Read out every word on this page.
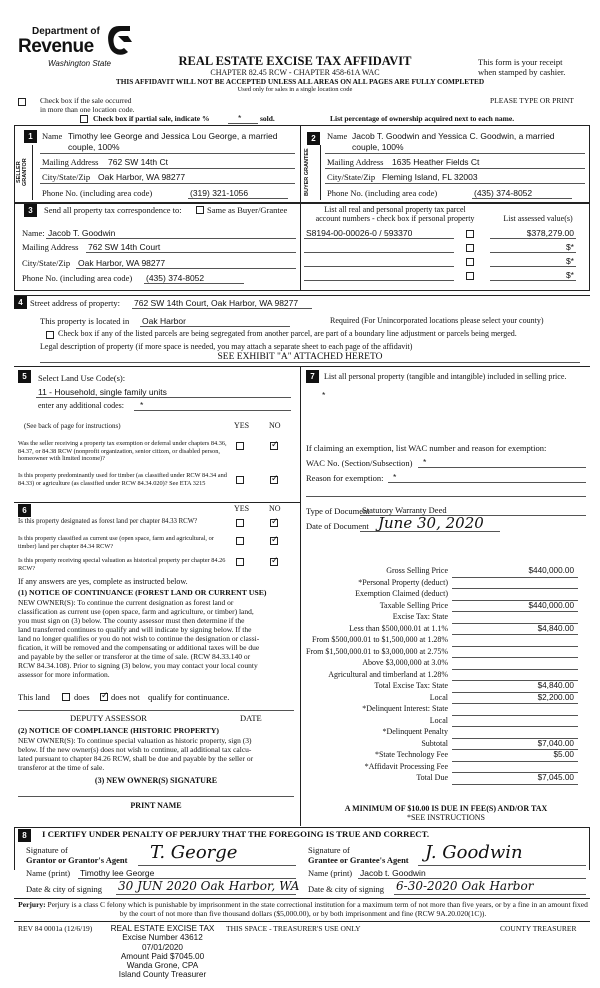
Department of
Revenue
Washington State	REAL ESTATE EXCISE TAX AFFIDAVIT
CHAPTER 82.45 RCW - CHAPTER 458-61A WAC
THIS AFFIDAVIT WILL NOT BE ACCEPTED UNLESS ALL AREAS ON ALL PAGES ARE FULLY COMPLETED
Used only for sales in a single location code
This form is your receipt
when stamped by cashier.
Check box if the sale occurred
in more than one location code.
PLEASE TYPE OR PRINT
Check box if partial sale, indicate %	* sold.	List percentage of ownership acquired next to each name.
1
SELLER GRANTOR
Name Timothy lee George and Jessica Lou George, a married
couple, 100%
Mailing Address 762 SW 14th Ct
City/State/Zip Oak Harbor, WA 98277
Phone No. (including area code)	(319) 321-1056
2
BUYER GRANTEE
Name Jacob T. Goodwin and Yessica C. Goodwin, a married
couple, 100%
Mailing Address 1635 Heather Fields Ct
City/State/Zip Fleming Island, FL 32003
Phone No. (including area code)	(435) 374-8052
3	Send all property tax correspondence to:	Same as Buyer/Grantee
Name: Jacob T. Goodwin
Mailing Address 762 SW 14th Court
City/State/Zip Oak Harbor, WA 98277
Phone No. (including area code) (435) 374-8052
List all real and personal property tax parcel
account numbers - check box if personal property	List assessed value(s)
S8194-00-00026-0 / 593370	$378,279.00
$*
$*
$*
4 Street address of property: 762 SW 14th Court, Oak Harbor, WA 98277
This property is located in Oak Harbor	Required (For Unincorporated locations please select your county)
Check box if any of the listed parcels are being segregated from another parcel, are part of a boundary line adjustment or parcels being merged.
Legal description of property (if more space is needed, you may attach a separate sheet to each page of the affidavit)
SEE EXHIBIT "A" ATTACHED HERETO
5	Select Land Use Code(s):
11 - Household, single family units
enter any additional codes: *
(See back of page for instructions)	YES NO
Was the seller receiving a property tax exemption or deferral under chapters 84.36, 84.37, or 84.38 RCW (nonprofit organization, senior citizen, or disabled person, homeowner with limited income)?
✓
Is this property predominantly used for timber (as classified under RCW 84.34 and 84.33) or agriculture (as classified under RCW 84.34.020)? See ETA 3215
✓
7	List all personal property (tangible and intangible) included in selling price.
*
If claiming an exemption, list WAC number and reason for exemption:
WAC No. (Section/Subsection) *
Reason for exemption: *
6	YES NO
Is this property designated as forest land per chapter 84.33 RCW?
✓
Is this property classified as current use (open space, farm and agricultural, or timber) land per chapter 84.34 RCW?
✓
Is this property receiving special valuation as historical property per chapter 84.26 RCW?
✓
If any answers are yes, complete as instructed below.
(1) NOTICE OF CONTINUANCE (FOREST LAND OR CURRENT USE)
NEW OWNER(S): To continue the current designation as forest land or
classification as current use (open space, farm and agriculture, or timber) land,
you must sign on (3) below. The county assessor must then determine if the
land transferred continues to qualify and will indicate by signing below. If the
land no longer qualifies or you do not wish to continue the designation or classi-
fication, it will be removed and the compensating or additional taxes will be due
and payable by the seller or transferor at the time of sale. (RCW 84.33.140 or
RCW 84.34.108). Prior to signing (3) below, you may contact your local county
assessor for more information.
This land	does
✓	does not qualify for continuance.
DEPUTY ASSESSOR	DATE
(2) NOTICE OF COMPLIANCE (HISTORIC PROPERTY)
NEW OWNER(S): To continue special valuation as historic property, sign (3)
below. If the new owner(s) does not wish to continue, all additional tax calcu-
lated pursuant to chapter 84.26 RCW, shall be due and payable by the seller or
transferor at the time of sale.
(3) NEW OWNER(S) SIGNATURE
PRINT NAME
Type of Document
Statutory Warranty Deed
Date of Document June 30, 2020
Gross Selling Price	$440,000.00
*Personal Property (deduct)
Exemption Claimed (deduct)
Taxable Selling Price	$440,000.00
Excise Tax: State
Less than $500,000.01 at 1.1%	$4,840.00
From $500,000.01 to $1,500,000 at 1.28%
From $1,500,000.01 to $3,000,000 at 2.75%
Above $3,000,000 at 3.0%
Agricultural and timberland at 1.28%
Total Excise Tax: State	$4,840.00
Local	$2,200.00
*Delinquent Interest: State
Local
*Delinquent Penalty
Subtotal	$7,040.00
*State Technology Fee	$5.00
*Affidavit Processing Fee
Total Due	$7,045.00
A MINIMUM OF $10.00 IS DUE IN FEE(S) AND/OR TAX
*SEE INSTRUCTIONS
8	I CERTIFY UNDER PENALTY OF PERJURY THAT THE FOREGOING IS TRUE AND CORRECT.
Signature of
Grantor or Grantor's Agent T. George
Name (print) Timothy lee George
Date & city of signing 30 JUN 2020 Oak Harbor, WA
Signature of
Grantee or Grantee's Agent J. Goodwin
Name (print) Jacob t. Goodwin
Date & city of signing 6-30-2020 Oak Harbor
Perjury: Perjury is a class C felony which is punishable by imprisonment in the state correctional institution for a maximum term of not more than five years, or by a fine in an amount fixed by the court of not more than five thousand dollars ($5,000.00), or by both imprisonment and fine (RCW 9A.20.020(1C)).
REV 84 0001a (12/6/19)	THIS SPACE - TREASURER'S USE ONLY	COUNTY TREASURER
REAL ESTATE EXCISE TAX
Excise Number 43612
07/01/2020
Amount Paid $7045.00
Wanda Grone, CPA
Island County Treasurer
